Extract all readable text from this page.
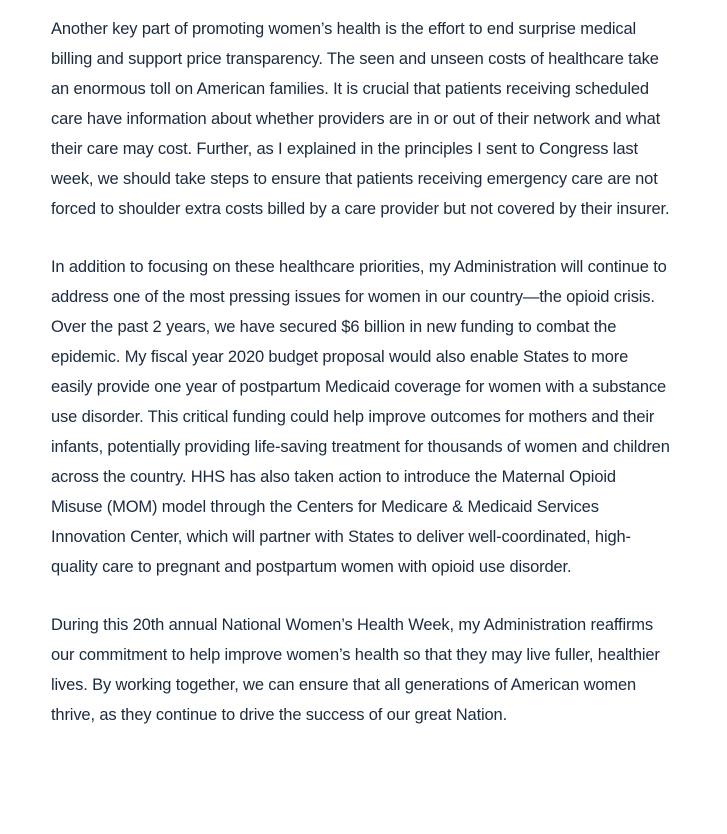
Another key part of promoting women’s health is the effort to end surprise medical billing and support price transparency. The seen and unseen costs of healthcare take an enormous toll on American families. It is crucial that patients receiving scheduled care have information about whether providers are in or out of their network and what their care may cost. Further, as I explained in the principles I sent to Congress last week, we should take steps to ensure that patients receiving emergency care are not forced to shoulder extra costs billed by a care provider but not covered by their insurer.

In addition to focusing on these healthcare priorities, my Administration will continue to address one of the most pressing issues for women in our country—the opioid crisis. Over the past 2 years, we have secured $6 billion in new funding to combat the epidemic. My fiscal year 2020 budget proposal would also enable States to more easily provide one year of postpartum Medicaid coverage for women with a substance use disorder. This critical funding could help improve outcomes for mothers and their infants, potentially providing life-saving treatment for thousands of women and children across the country. HHS has also taken action to introduce the Maternal Opioid Misuse (MOM) model through the Centers for Medicare & Medicaid Services Innovation Center, which will partner with States to deliver well-coordinated, high-quality care to pregnant and postpartum women with opioid use disorder.

During this 20th annual National Women’s Health Week, my Administration reaffirms our commitment to help improve women’s health so that they may live fuller, healthier lives. By working together, we can ensure that all generations of American women thrive, as they continue to drive the success of our great Nation.
